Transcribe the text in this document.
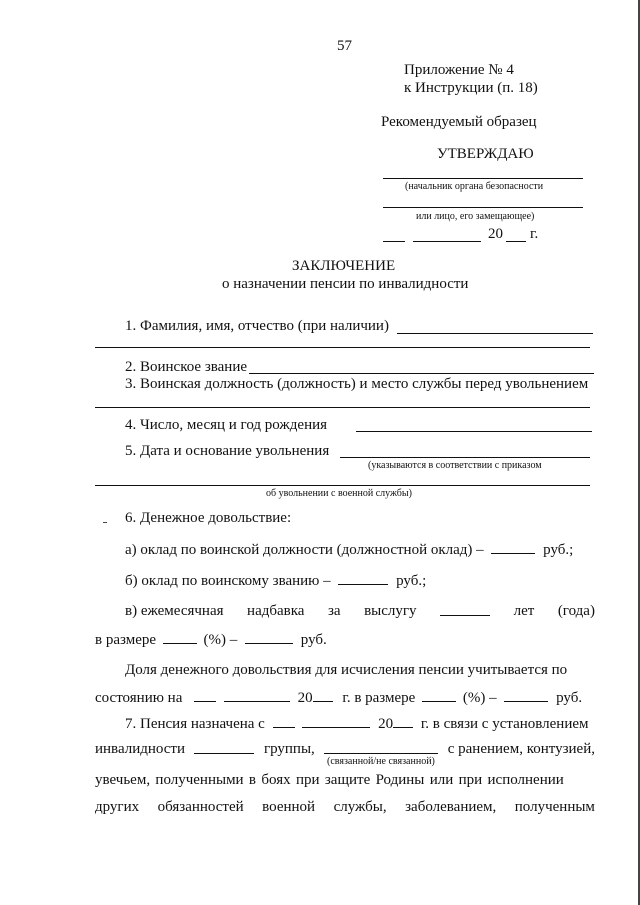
57
Приложение № 4
к Инструкции (п. 18)
Рекомендуемый образец
УТВЕРЖДАЮ
(начальник органа безопасности
или лицо, его замещающее)
20 г.
ЗАКЛЮЧЕНИЕ
о назначении пенсии по инвалидности
1. Фамилия, имя, отчество (при наличии)
2. Воинское звание
3. Воинская должность (должность) и место службы перед увольнением
4. Число, месяц и год рождения
5. Дата и основание увольнения
(указываются в соответствии с приказом
об увольнении с военной службы)
6. Денежное довольствие:
а) оклад по воинской должности (должностной оклад) –	руб.;
б) оклад по воинскому званию –	руб.;
в) ежемесячная надбавка за выслугу	лет (года)
в размере	(%) –	руб.
Доля денежного довольствия для исчисления пенсии учитывается по
состоянию на	20 г. в размере	(%) –	руб.
7. Пенсия назначена с	20 г. в связи с установлением
инвалидности	группы,	с ранением, контузией,
(связанной/не связанной)
увечьем, полученными в боях при защите Родины или при исполнении
других обязанностей военной службы, заболеванием, полученным
